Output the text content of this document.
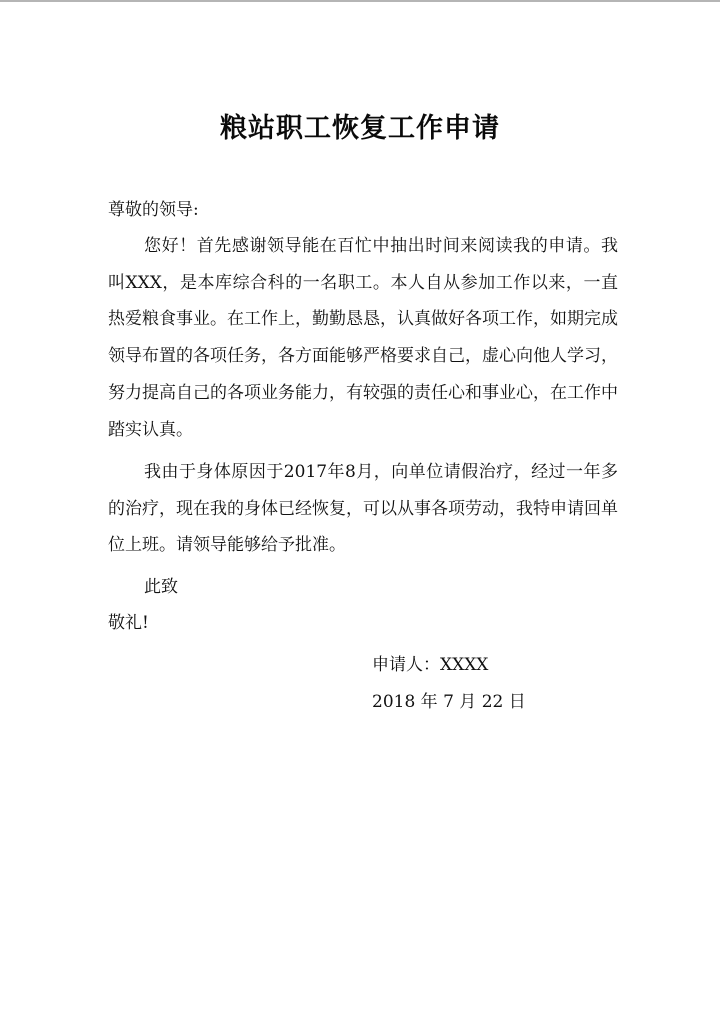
粮站职工恢复工作申请
尊敬的领导:

您好！首先感谢领导能在百忙中抽出时间来阅读我的申请。我叫XXX，是本库综合科的一名职工。本人自从参加工作以来，一直热爱粮食事业。在工作上，勤勤恳恳，认真做好各项工作，如期完成领导布置的各项任务，各方面能够严格要求自己，虚心向他人学习，努力提高自己的各项业务能力，有较强的责任心和事业心，在工作中踏实认真。

我由于身体原因于2017年8月，向单位请假治疗，经过一年多的治疗，现在我的身体已经恢复，可以从事各项劳动，我特申请回单位上班。请领导能够给予批准。

此致
敬礼!
申请人：XXXX
2018 年 7 月 22 日
